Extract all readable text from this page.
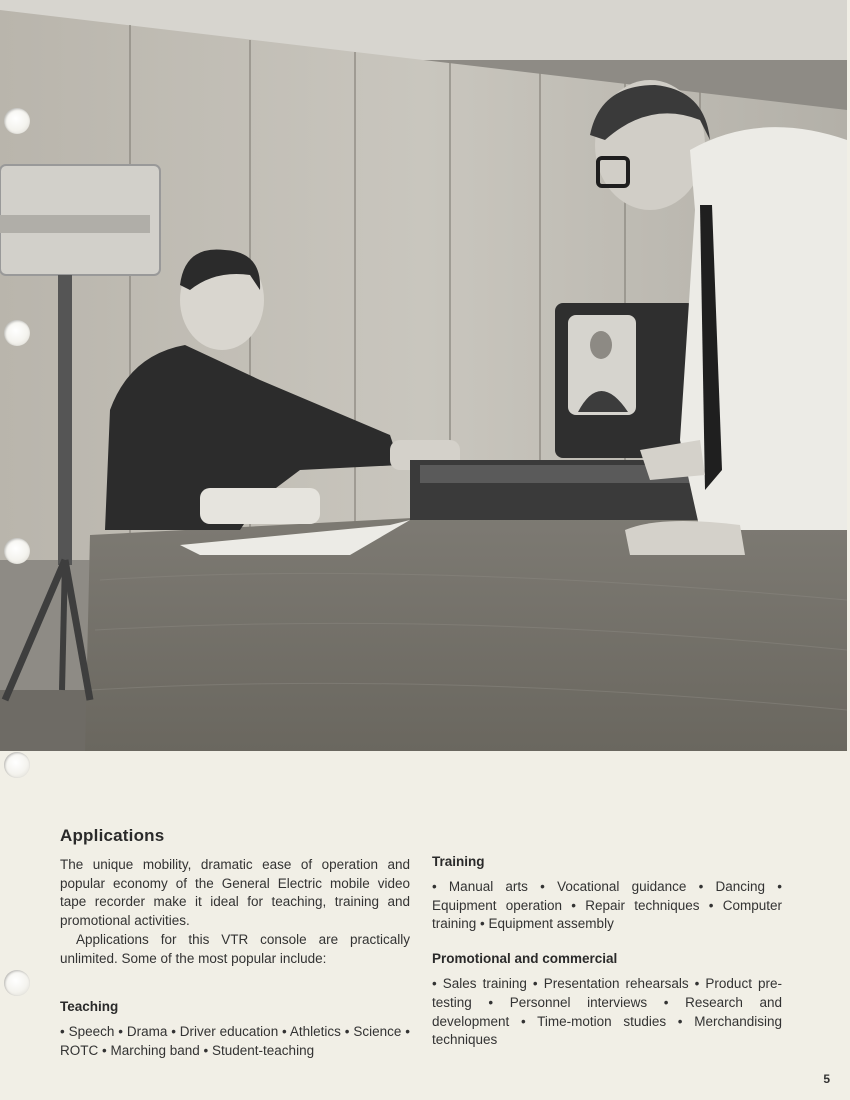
Applications

The unique mobility, dramatic ease of operation and popular economy of the General Electric mobile video tape recorder make it ideal for teaching, training and promotional activities.

Applications for this VTR console are practically unlimited. Some of the most popular include:

Teaching

• Speech • Drama • Driver education • Athletics • Science • ROTC • Marching band • Student-teaching

Training

• Manual arts • Vocational guidance • Dancing • Equipment operation • Repair techniques • Computer training • Equipment assembly

Promotional and commercial

• Sales training • Presentation rehearsals • Product pre-testing • Personnel interviews • Research and development • Time-motion studies • Merchandising techniques

5
